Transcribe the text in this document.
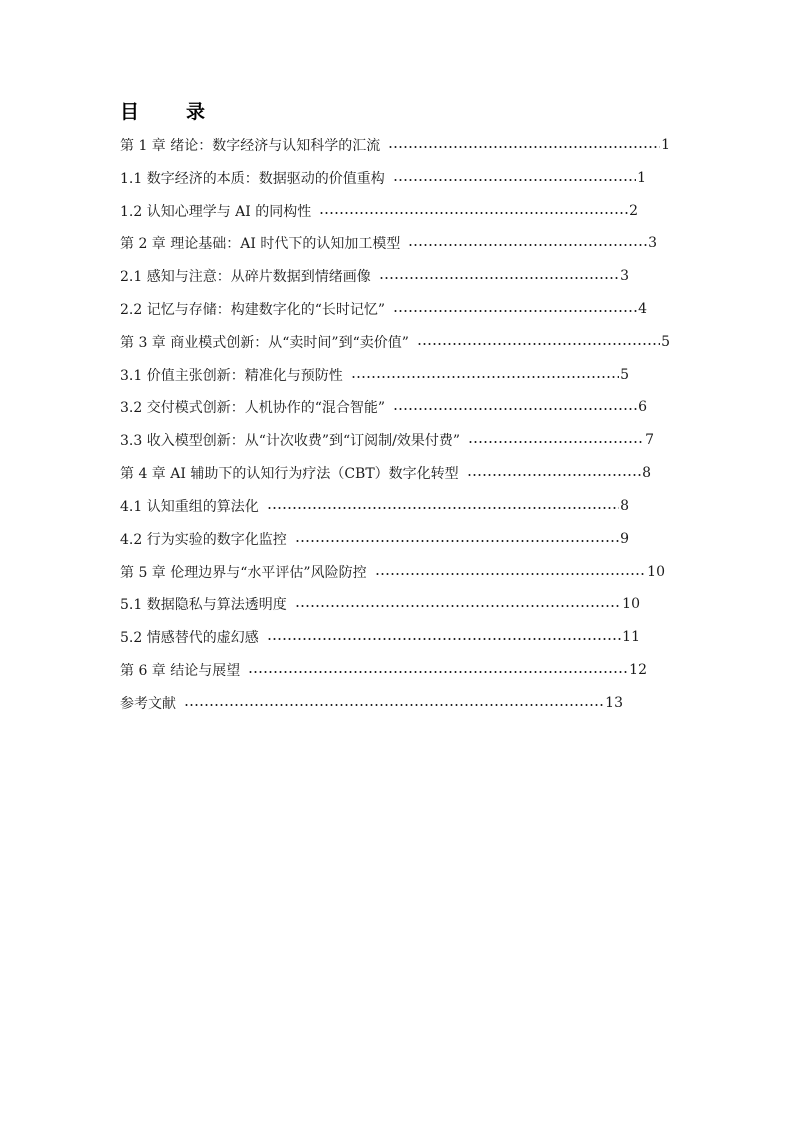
目　录
第 1 章 绪论：数字经济与认知科学的汇流	1
1.1 数字经济的本质：数据驱动的价值重构	1
1.2 认知心理学与 AI 的同构性	2
第 2 章 理论基础：AI 时代下的认知加工模型	3
2.1 感知与注意：从碎片数据到情绪画像	3
2.2 记忆与存储：构建数字化的“长时记忆”	4
第 3 章 商业模式创新：从“卖时间”到“卖价值”	5
3.1 价值主张创新：精准化与预防性	5
3.2 交付模式创新：人机协作的“混合智能”	6
3.3 收入模型创新：从“计次收费”到“订阅制/效果付费”	7
第 4 章 AI 辅助下的认知行为疗法（CBT）数字化转型	8
4.1 认知重组的算法化	8
4.2 行为实验的数字化监控	9
第 5 章 伦理边界与“水平评估”风险防控	10
5.1 数据隐私与算法透明度	10
5.2 情感替代的虚幻感	11
第 6 章 结论与展望	12
参考文献	13
